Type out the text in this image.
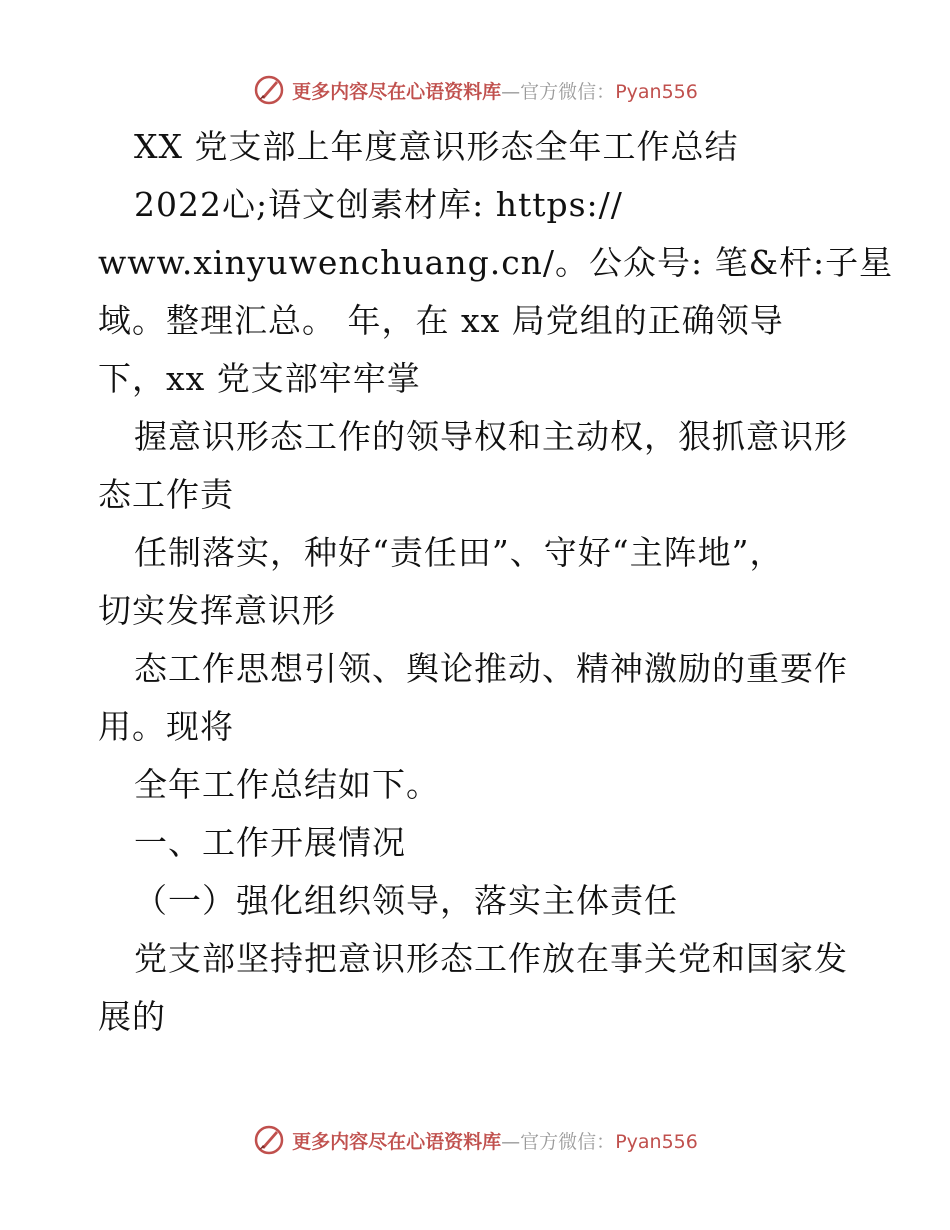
更多内容尽在心语资料库—官方微信：Pyan556
XX 党支部上年度意识形态全年工作总结
2022心;语文创素材库: https://
www.xinyuwenchuang.cn/。公众号: 笔&杆:子星
域。整理汇总。 年，在 xx 局党组的正确领导
下，xx 党支部牢牢掌
握意识形态工作的领导权和主动权，狠抓意识形
态工作责
任制落实，种好“责任田”、守好“主阵地”，
切实发挥意识形
态工作思想引领、舆论推动、精神激励的重要作
用。现将
全年工作总结如下。
一、工作开展情况
（一）强化组织领导，落实主体责任
党支部坚持把意识形态工作放在事关党和国家发
展的
更多内容尽在心语资料库—官方微信：Pyan556
